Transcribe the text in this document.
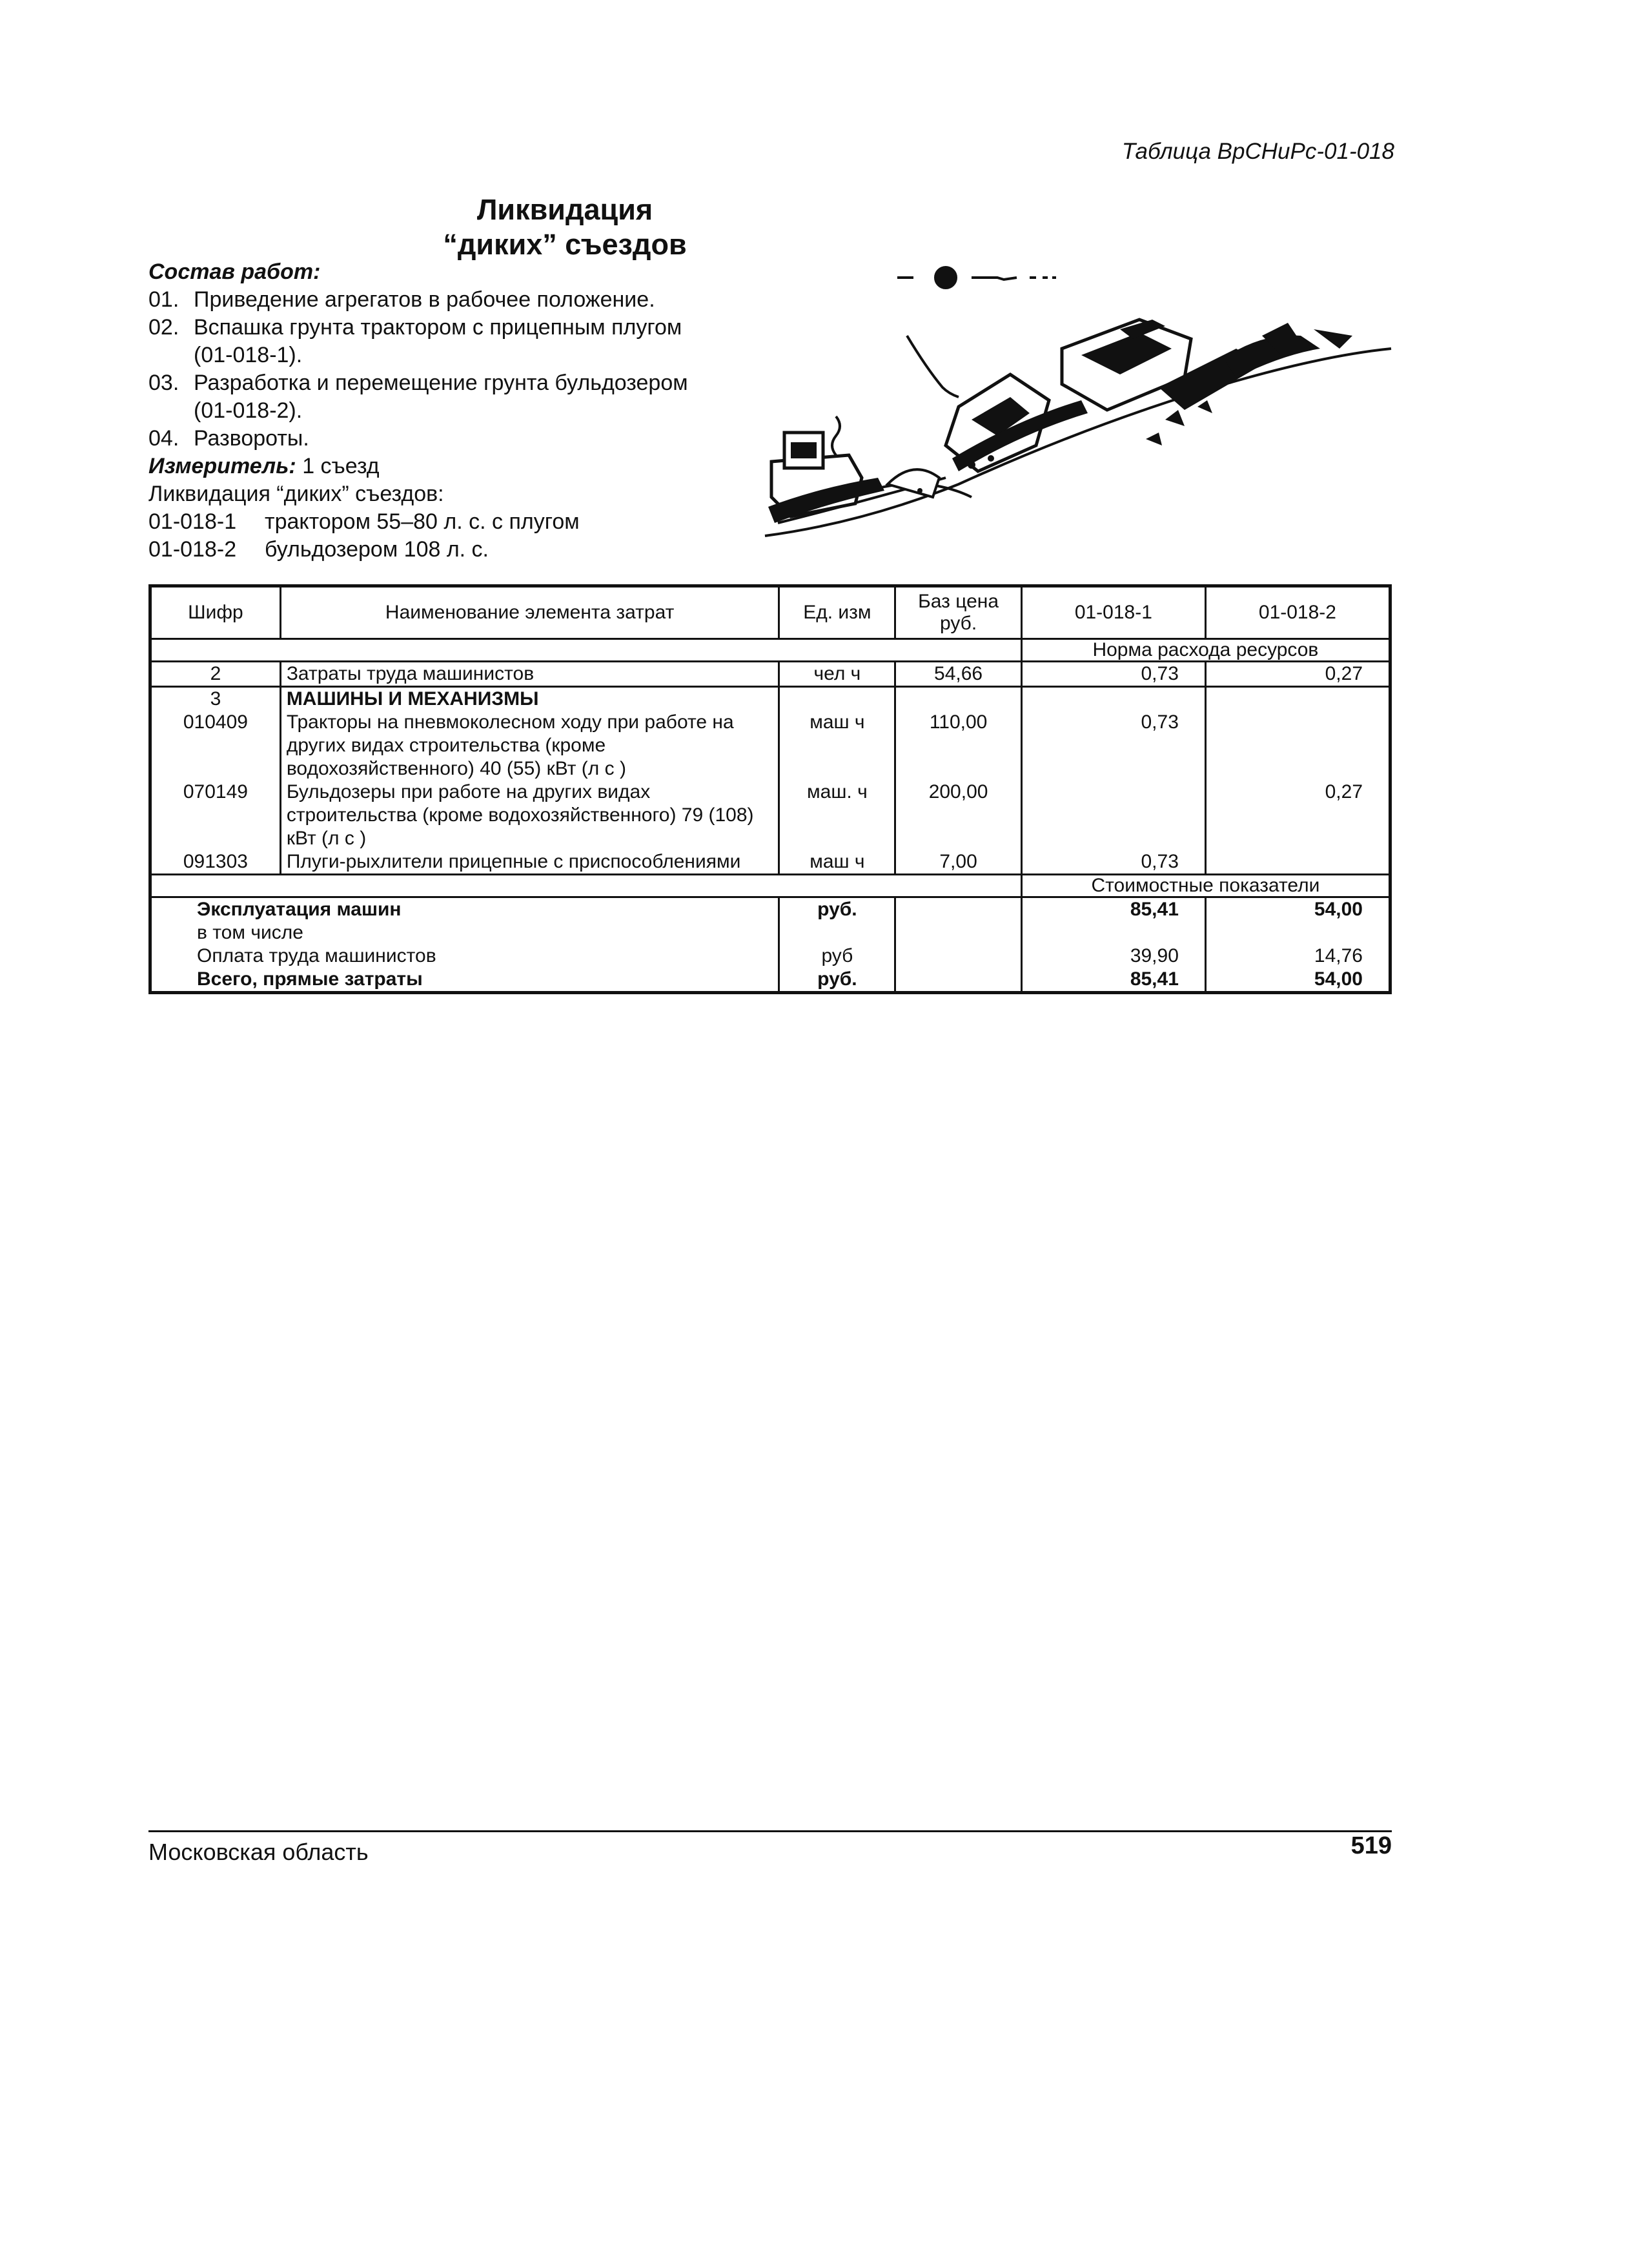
Таблица ВрСНиРс-01-018
Ликвидация
“диких” съездов
Состав работ:
01. Приведение агрегатов в рабочее положение.
02. Вспашка грунта трактором с прицепным плугом
(01-018-1).
03. Разработка и перемещение грунта бульдозером
(01-018-2).
04. Развороты.
Измеритель: 1 съезд
Ликвидация “диких” съездов:
01-018-1 трактором 55–80 л. с. с плугом
01-018-2 бульдозером 108 л. с.
Шифр	Наименование элемента затрат	Ед. изм	Баз цена руб.	01-018-1	01-018-2
				Норма расхода ресурсов	
2	Затраты труда машинистов	чел ч	54,66	0,73	0,27
3	МАШИНЫ И МЕХАНИЗМЫ				
010409	Тракторы на пневмоколесном ходу при работе на других видах строительства (кроме водохозяйственного) 40 (55) кВт (л с )	маш ч	110,00	0,73	
070149	Бульдозеры при работе на других видах строительства (кроме водохозяйственного) 79 (108) кВт (л с )	маш. ч	200,00		0,27
091303	Плуги-рыхлители прицепные с приспособлениями	маш ч	7,00	0,73	
				Стоимостные показатели	
Эксплуатация машин		руб.		85,41	54,00
в том числе					
Оплата труда машинистов		руб		39,90	14,76
Всего, прямые затраты		руб.		85,41	54,00
Московская область	519
